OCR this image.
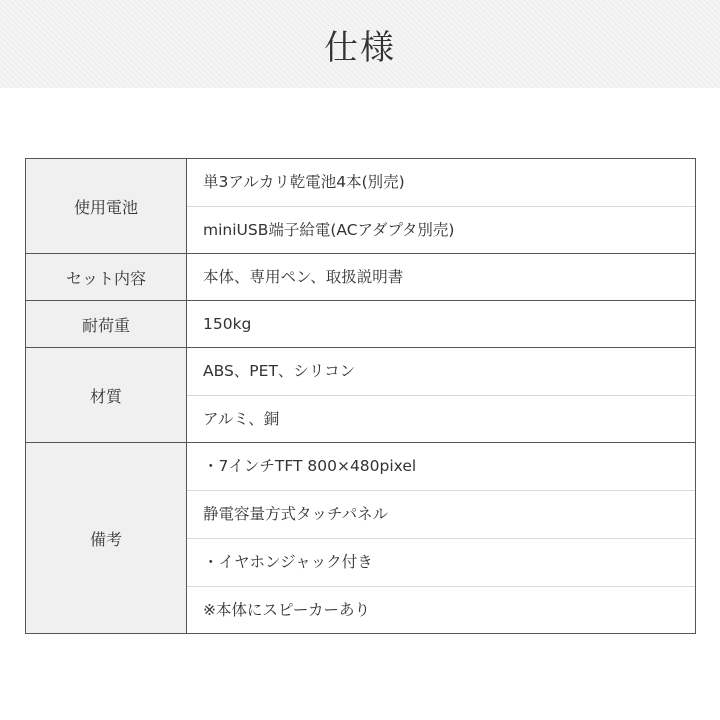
仕様
使用電池	単3アルカリ乾電池4本(別売)
miniUSB端子給電(ACアダプタ別売)

セット内容	本体、専用ペン、取扱説明書

耐荷重	150kg

材質	ABS、PET、シリコン
アルミ、銅

備考	・7インチTFT 800×480pixel
静電容量方式タッチパネル
・イヤホンジャック付き
※本体にスピーカーあり
